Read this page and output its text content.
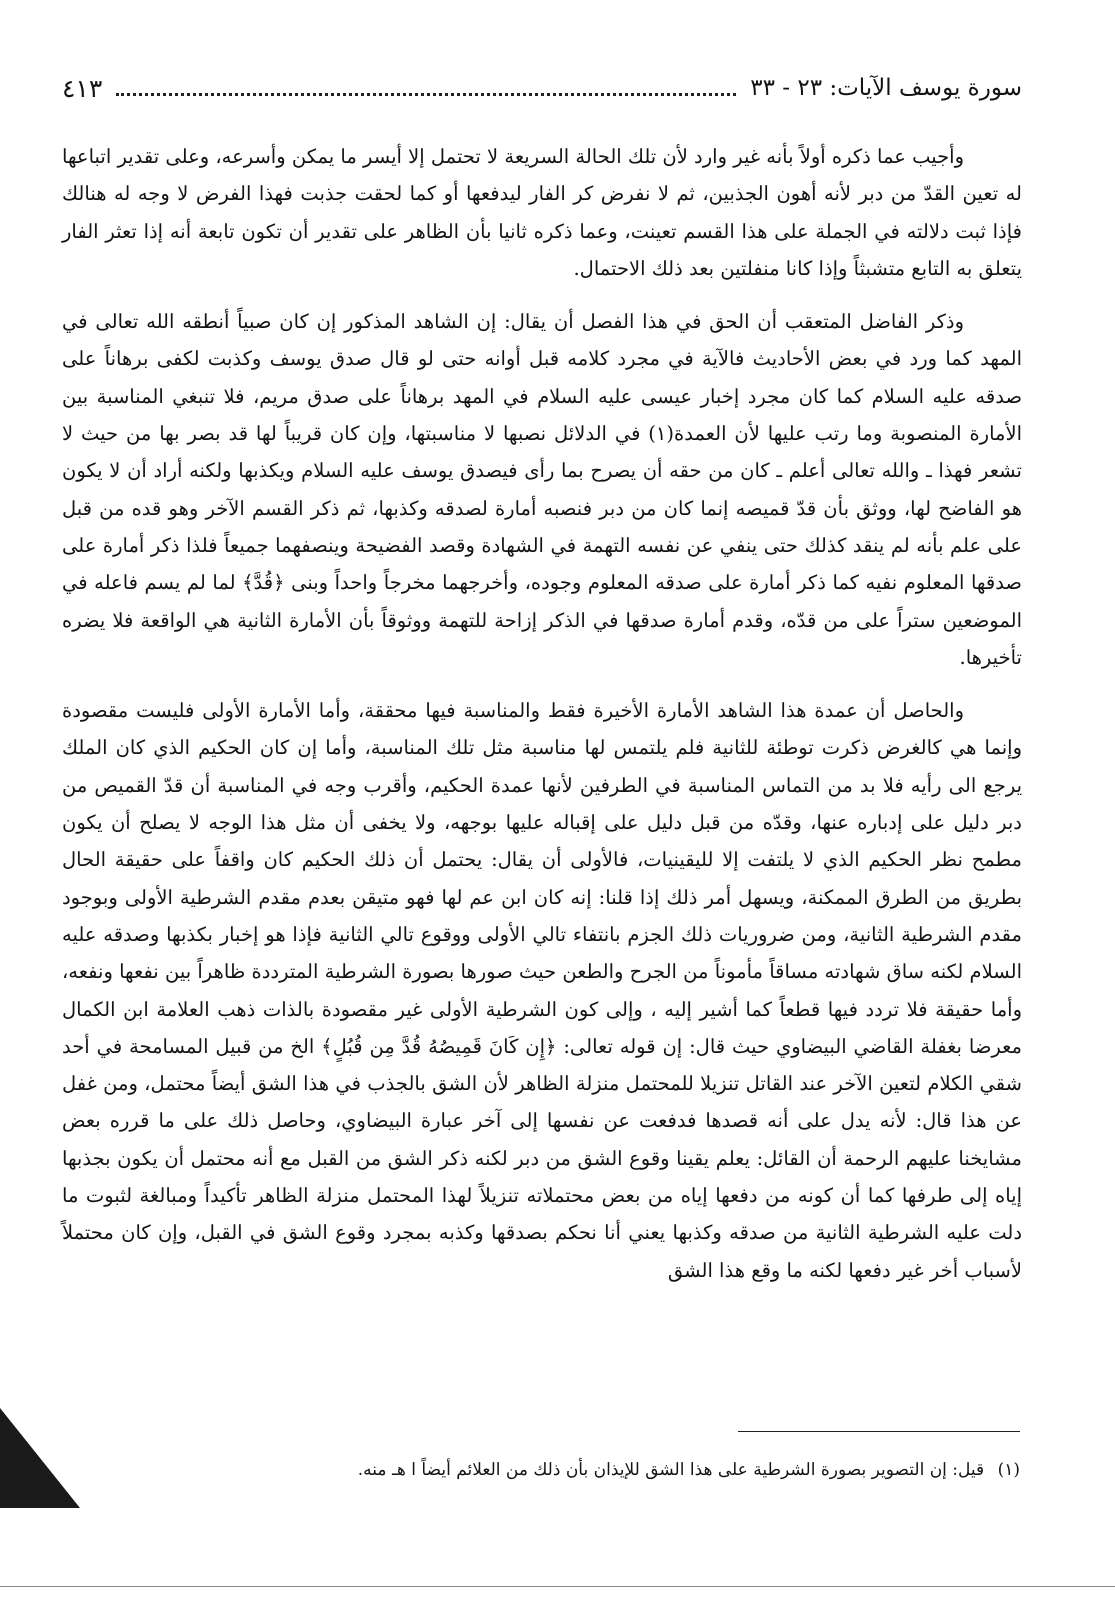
سورة يوسف الآيات: ٢٣ - ٣٣
٤١٣

وأجيب عما ذكره أولاً بأنه غير وارد لأن تلك الحالة السريعة لا تحتمل إلا أيسر ما يمكن وأسرعه، وعلى تقدير اتباعها له تعين القدّ من دبر لأنه أهون الجذبين، ثم لا نفرض كر الفار ليدفعها أو كما لحقت جذبت فهذا الفرض لا وجه له هنالك فإذا ثبت دلالته في الجملة على هذا القسم تعينت، وعما ذكره ثانيا بأن الظاهر على تقدير أن تكون تابعة أنه إذا تعثر الفار يتعلق به التابع متشبثاً وإذا كانا منفلتين بعد ذلك الاحتمال.

وذكر الفاضل المتعقب أن الحق في هذا الفصل أن يقال: إن الشاهد المذكور إن كان صبياً أنطقه الله تعالى في المهد كما ورد في بعض الأحاديث فالآية في مجرد كلامه قبل أوانه حتى لو قال صدق يوسف وكذبت لكفى برهاناً على صدقه عليه السلام كما كان مجرد إخبار عيسى عليه السلام في المهد برهاناً على صدق مريم، فلا تنبغي المناسبة بين الأمارة المنصوبة وما رتب عليها لأن العمدة(١) في الدلائل نصبها لا مناسبتها، وإن كان قريباً لها قد بصر بها من حيث لا تشعر فهذا ـ والله تعالى أعلم ـ كان من حقه أن يصرح بما رأى فيصدق يوسف عليه السلام ويكذبها ولكنه أراد أن لا يكون هو الفاضح لها، ووثق بأن قدّ قميصه إنما كان من دبر فنصبه أمارة لصدقه وكذبها، ثم ذكر القسم الآخر وهو قده من قبل على علم بأنه لم ينقد كذلك حتى ينفي عن نفسه التهمة في الشهادة وقصد الفضيحة وينصفهما جميعاً فلذا ذكر أمارة على صدقها المعلوم نفيه كما ذكر أمارة على صدقه المعلوم وجوده، وأخرجهما مخرجاً واحداً وبنى ﴿قُدَّ﴾ لما لم يسم فاعله في الموضعين ستراً على من قدّه، وقدم أمارة صدقها في الذكر إزاحة للتهمة ووثوقاً بأن الأمارة الثانية هي الواقعة فلا يضره تأخيرها.

والحاصل أن عمدة هذا الشاهد الأمارة الأخيرة فقط والمناسبة فيها محققة، وأما الأمارة الأولى فليست مقصودة وإنما هي كالغرض ذكرت توطئة للثانية فلم يلتمس لها مناسبة مثل تلك المناسبة، وأما إن كان الحكيم الذي كان الملك يرجع الى رأيه فلا بد من التماس المناسبة في الطرفين لأنها عمدة الحكيم، وأقرب وجه في المناسبة أن قدّ القميص من دبر دليل على إدباره عنها، وقدّه من قبل دليل على إقباله عليها بوجهه، ولا يخفى أن مثل هذا الوجه لا يصلح أن يكون مطمح نظر الحكيم الذي لا يلتفت إلا لليقينيات، فالأولى أن يقال: يحتمل أن ذلك الحكيم كان واقفاً على حقيقة الحال بطريق من الطرق الممكنة، ويسهل أمر ذلك إذا قلنا: إنه كان ابن عم لها فهو متيقن بعدم مقدم الشرطية الأولى وبوجود مقدم الشرطية الثانية، ومن ضروريات ذلك الجزم بانتفاء تالي الأولى ووقوع تالي الثانية فإذا هو إخبار بكذبها وصدقه عليه السلام لكنه ساق شهادته مساقاً مأموناً من الجرح والطعن حيث صورها بصورة الشرطية المترددة ظاهراً بين نفعها ونفعه، وأما حقيقة فلا تردد فيها قطعاً كما أشير إليه ، وإلى كون الشرطية الأولى غير مقصودة بالذات ذهب العلامة ابن الكمال معرضا بغفلة القاضي البيضاوي حيث قال: إن قوله تعالى: ﴿إِن كَانَ قَمِيصُهُ قُدَّ مِن قُبُلٍ﴾ الخ من قبيل المسامحة في أحد شقي الكلام لتعين الآخر عند القاتل تنزيلا للمحتمل منزلة الظاهر لأن الشق بالجذب في هذا الشق أيضاً محتمل، ومن غفل عن هذا قال: لأنه يدل على أنه قصدها فدفعت عن نفسها إلى آخر عبارة البيضاوي، وحاصل ذلك على ما قرره بعض مشايخنا عليهم الرحمة أن القائل: يعلم يقينا وقوع الشق من دبر لكنه ذكر الشق من القبل مع أنه محتمل أن يكون بجذبها إياه إلى طرفها كما أن كونه من دفعها إياه من بعض محتملاته تنزيلاً لهذا المحتمل منزلة الظاهر تأكيداً ومبالغة لثبوت ما دلت عليه الشرطية الثانية من صدقه وكذبها يعني أنا نحكم بصدقها وكذبه بمجرد وقوع الشق في القبل، وإن كان محتملاً لأسباب أخر غير دفعها لكنه ما وقع هذا الشق

(١) قيل: إن التصوير بصورة الشرطية على هذا الشق للإيذان بأن ذلك من العلائم أيضاً ا هـ منه.
